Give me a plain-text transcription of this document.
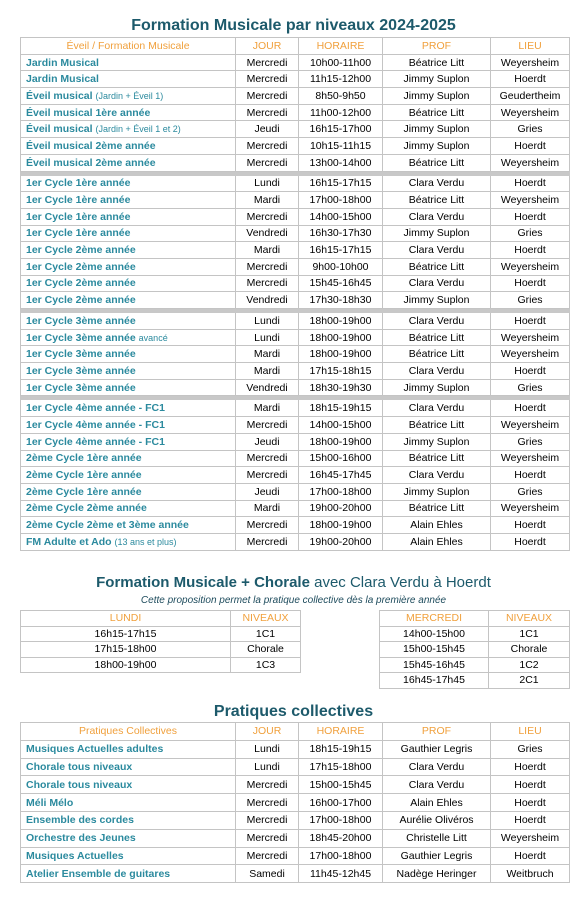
Formation Musicale par niveaux 2024-2025
Éveil / Formation Musicale	JOUR	HORAIRE	PROF	LIEU
Jardin Musical	Mercredi	10h00-11h00	Béatrice Litt	Weyersheim
Jardin Musical	Mercredi	11h15-12h00	Jimmy Suplon	Hoerdt
Éveil musical (Jardin + Éveil 1)	Mercredi	8h50-9h50	Jimmy Suplon	Geudertheim
Éveil musical 1ère année	Mercredi	11h00-12h00	Béatrice Litt	Weyersheim
Éveil musical (Jardin + Éveil 1 et 2)	Jeudi	16h15-17h00	Jimmy Suplon	Gries
Éveil musical 2ème année	Mercredi	10h15-11h15	Jimmy Suplon	Hoerdt
Éveil musical 2ème année	Mercredi	13h00-14h00	Béatrice Litt	Weyersheim

1er Cycle 1ère année	Lundi	16h15-17h15	Clara Verdu	Hoerdt
1er Cycle 1ère année	Mardi	17h00-18h00	Béatrice Litt	Weyersheim
1er Cycle 1ère année	Mercredi	14h00-15h00	Clara Verdu	Hoerdt
1er Cycle 1ère année	Vendredi	16h30-17h30	Jimmy Suplon	Gries
1er Cycle 2ème année	Mardi	16h15-17h15	Clara Verdu	Hoerdt
1er Cycle 2ème année	Mercredi	9h00-10h00	Béatrice Litt	Weyersheim
1er Cycle 2ème année	Mercredi	15h45-16h45	Clara Verdu	Hoerdt
1er Cycle 2ème année	Vendredi	17h30-18h30	Jimmy Suplon	Gries

1er Cycle 3ème année	Lundi	18h00-19h00	Clara Verdu	Hoerdt
1er Cycle 3ème année avancé	Lundi	18h00-19h00	Béatrice Litt	Weyersheim
1er Cycle 3ème année	Mardi	18h00-19h00	Béatrice Litt	Weyersheim
1er Cycle 3ème année	Mardi	17h15-18h15	Clara Verdu	Hoerdt
1er Cycle 3ème année	Vendredi	18h30-19h30	Jimmy Suplon	Gries

1er Cycle 4ème année - FC1	Mardi	18h15-19h15	Clara Verdu	Hoerdt
1er Cycle 4ème année - FC1	Mercredi	14h00-15h00	Béatrice Litt	Weyersheim
1er Cycle 4ème année - FC1	Jeudi	18h00-19h00	Jimmy Suplon	Gries
2ème Cycle 1ère année	Mercredi	15h00-16h00	Béatrice Litt	Weyersheim
2ème Cycle 1ère année	Mercredi	16h45-17h45	Clara Verdu	Hoerdt
2ème Cycle 1ère année	Jeudi	17h00-18h00	Jimmy Suplon	Gries
2ème Cycle 2ème année	Mardi	19h00-20h00	Béatrice Litt	Weyersheim
2ème Cycle 2ème et 3ème année	Mercredi	18h00-19h00	Alain Ehles	Hoerdt
FM Adulte et Ado (13 ans et plus)	Mercredi	19h00-20h00	Alain Ehles	Hoerdt
Formation Musicale + Chorale avec Clara Verdu à Hoerdt
Cette proposition permet la pratique collective dès la première année
LUNDI	NIVEAUX
16h15-17h15	1C1
17h15-18h00	Chorale
18h00-19h00	1C3
MERCREDI	NIVEAUX
14h00-15h00	1C1
15h00-15h45	Chorale
15h45-16h45	1C2
16h45-17h45	2C1
Pratiques collectives
Pratiques Collectives	JOUR	HORAIRE	PROF	LIEU
Musiques Actuelles adultes	Lundi	18h15-19h15	Gauthier Legris	Gries
Chorale tous niveaux	Lundi	17h15-18h00	Clara Verdu	Hoerdt
Chorale tous niveaux	Mercredi	15h00-15h45	Clara Verdu	Hoerdt
Méli Mélo	Mercredi	16h00-17h00	Alain Ehles	Hoerdt
Ensemble des cordes	Mercredi	17h00-18h00	Aurélie Olivéros	Hoerdt
Orchestre des Jeunes	Mercredi	18h45-20h00	Christelle Litt	Weyersheim
Musiques Actuelles	Mercredi	17h00-18h00	Gauthier Legris	Hoerdt
Atelier Ensemble de guitares	Samedi	11h45-12h45	Nadège Heringer	Weitbruch
